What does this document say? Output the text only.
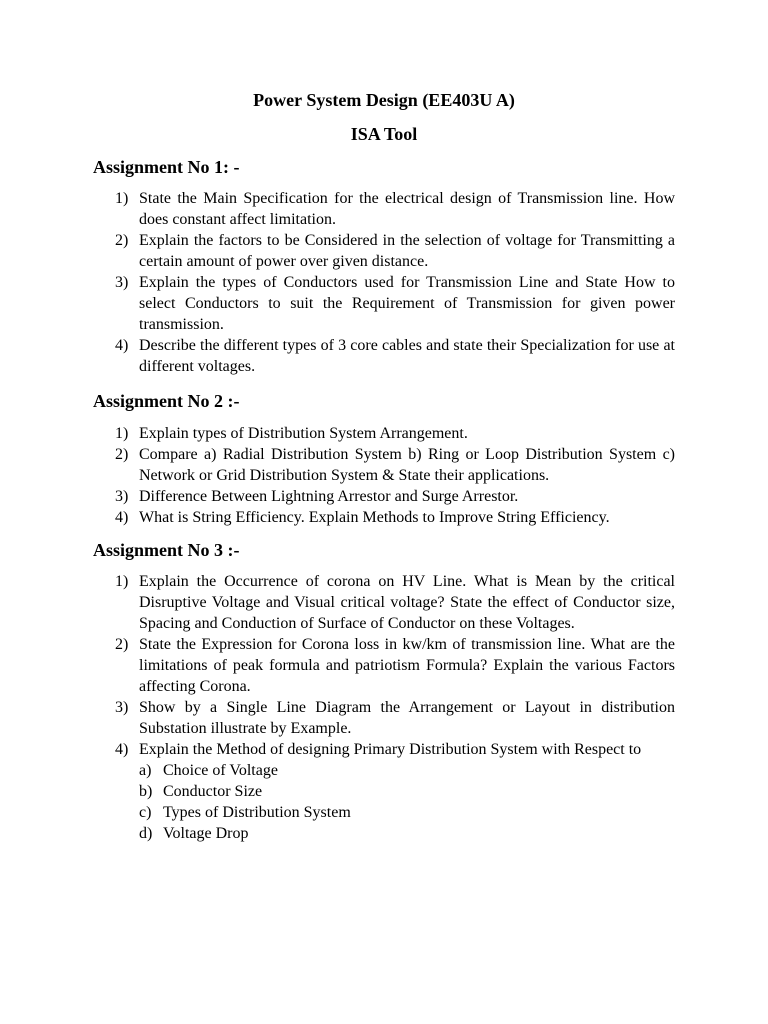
Power System Design (EE403U A)
ISA Tool
Assignment No 1: -
1) State the Main Specification for the electrical design of Transmission line. How does constant affect limitation.
2) Explain the factors to be Considered in the selection of voltage for Transmitting a certain amount of power over given distance.
3) Explain the types of Conductors used for Transmission Line and State How to select Conductors to suit the Requirement of Transmission for given power transmission.
4) Describe the different types of 3 core cables and state their Specialization for use at different voltages.
Assignment No 2 :-
1) Explain types of Distribution System Arrangement.
2) Compare a) Radial Distribution System b) Ring or Loop Distribution System c) Network or Grid Distribution System & State their applications.
3) Difference Between Lightning Arrestor and Surge Arrestor.
4) What is String Efficiency. Explain Methods to Improve String Efficiency.
Assignment No 3 :-
1) Explain the Occurrence of corona on HV Line. What is Mean by the critical Disruptive Voltage and Visual critical voltage? State the effect of Conductor size, Spacing and Conduction of Surface of Conductor on these Voltages.
2) State the Expression for Corona loss in kw/km of transmission line. What are the limitations of peak formula and patriotism Formula? Explain the various Factors affecting Corona.
3) Show by a Single Line Diagram the Arrangement or Layout in distribution Substation illustrate by Example.
4) Explain the Method of designing Primary Distribution System with Respect to
a) Choice of Voltage
b) Conductor Size
c) Types of Distribution System
d) Voltage Drop
